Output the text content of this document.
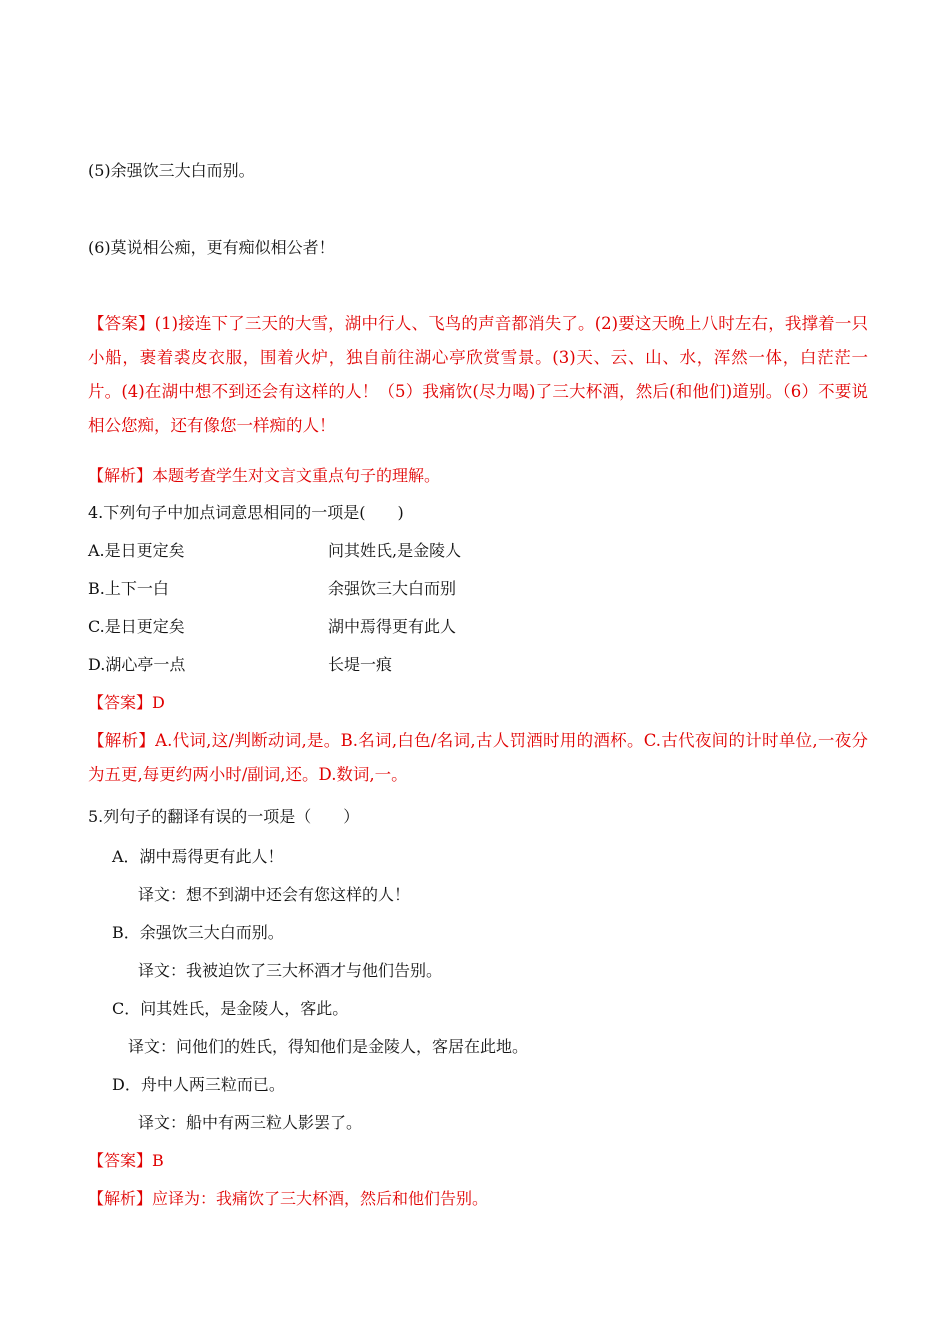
(5)余强饮三大白而别。
(6)莫说相公痴，更有痴似相公者！
【答案】(1)接连下了三天的大雪，湖中行人、飞鸟的声音都消失了。(2)要这天晚上八时左右，我撑着一只小船，裹着裘皮衣服，围着火炉，独自前往湖心亭欣赏雪景。(3)天、云、山、水，浑然一体，白茫茫一片。(4)在湖中想不到还会有这样的人！（5）我痛饮(尽力喝)了三大杯酒，然后(和他们)道别。（6）不要说相公您痴，还有像您一样痴的人！
【解析】本题考查学生对文言文重点句子的理解。
4.下列句子中加点词意思相同的一项是(　　)
A.是日更定矣	问其姓氏,是金陵人
B.上下一白	余强饮三大白而别
C.是日更定矣	湖中焉得更有此人
D.湖心亭一点	长堤一痕
【答案】D
【解析】A.代词,这/判断动词,是。B.名词,白色/名词,古人罚酒时用的酒杯。C.古代夜间的计时单位,一夜分为五更,每更约两小时/副词,还。D.数词,一。
5.列句子的翻译有误的一项是（　　）
A．湖中焉得更有此人！
译文：想不到湖中还会有您这样的人！
B．余强饮三大白而别。
译文：我被迫饮了三大杯酒才与他们告别。
C．问其姓氏，是金陵人，客此。
译文：问他们的姓氏，得知他们是金陵人，客居在此地。
D．舟中人两三粒而已。
译文：船中有两三粒人影罢了。
【答案】B
【解析】应译为：我痛饮了三大杯酒，然后和他们告别。
